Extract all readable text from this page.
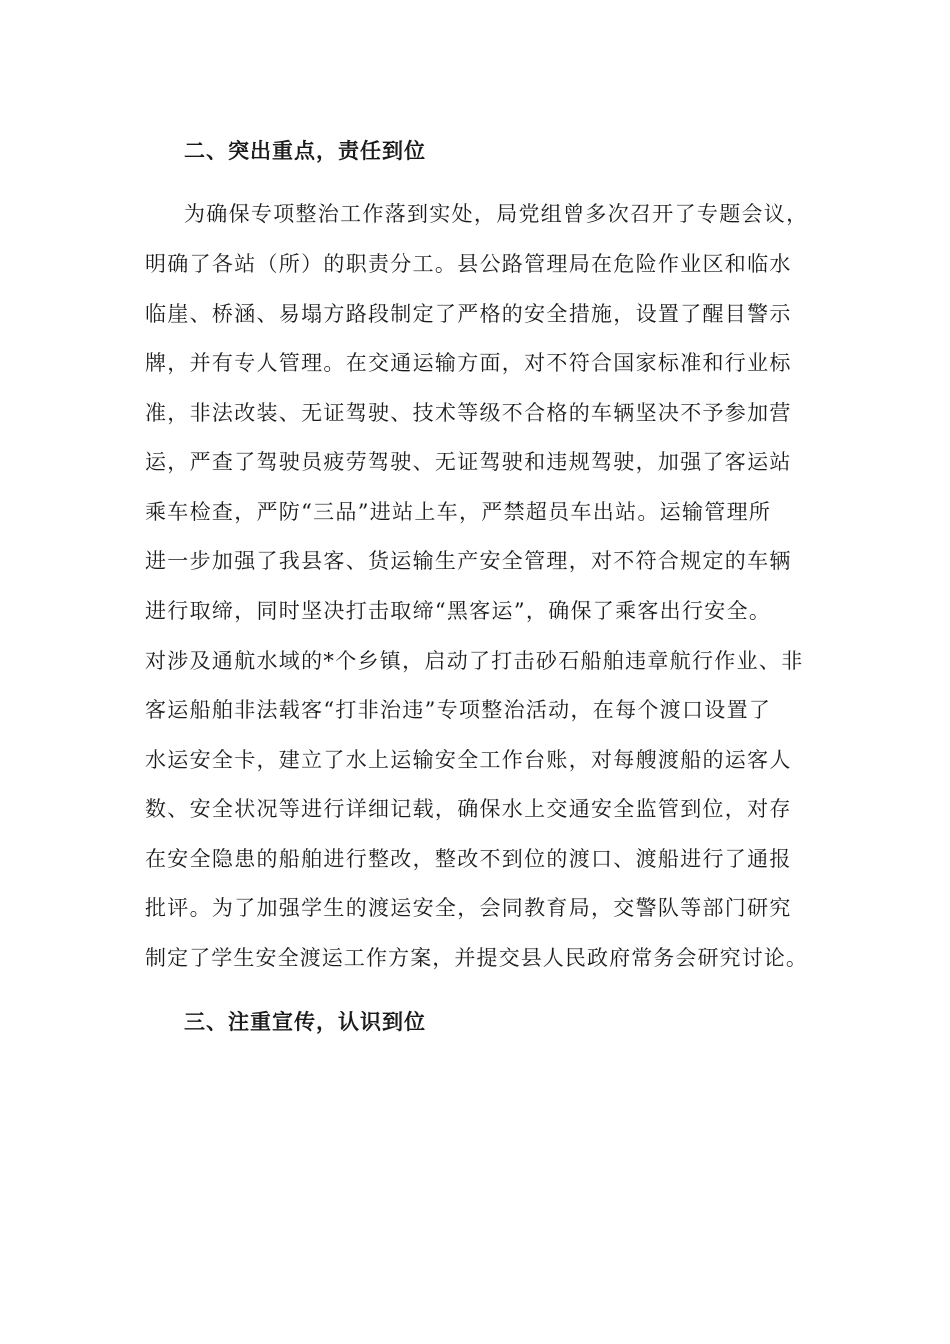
二、突出重点，责任到位
为确保专项整治工作落到实处，局党组曾多次召开了专题会议，
明确了各站（所）的职责分工。县公路管理局在危险作业区和临水
临崖、桥涵、易塌方路段制定了严格的安全措施，设置了醒目警示
牌，并有专人管理。在交通运输方面，对不符合国家标准和行业标
准，非法改装、无证驾驶、技术等级不合格的车辆坚决不予参加营
运，严查了驾驶员疲劳驾驶、无证驾驶和违规驾驶，加强了客运站
乘车检查，严防“三品”进站上车，严禁超员车出站。运输管理所
进一步加强了我县客、货运输生产安全管理，对不符合规定的车辆
进行取缔，同时坚决打击取缔“黑客运”，确保了乘客出行安全。
对涉及通航水域的*个乡镇，启动了打击砂石船舶违章航行作业、非
客运船舶非法载客“打非治违”专项整治活动，在每个渡口设置了
水运安全卡，建立了水上运输安全工作台账，对每艘渡船的运客人
数、安全状况等进行详细记载，确保水上交通安全监管到位，对存
在安全隐患的船舶进行整改，整改不到位的渡口、渡船进行了通报
批评。为了加强学生的渡运安全，会同教育局，交警队等部门研究
制定了学生安全渡运工作方案，并提交县人民政府常务会研究讨论。
三、注重宣传，认识到位
